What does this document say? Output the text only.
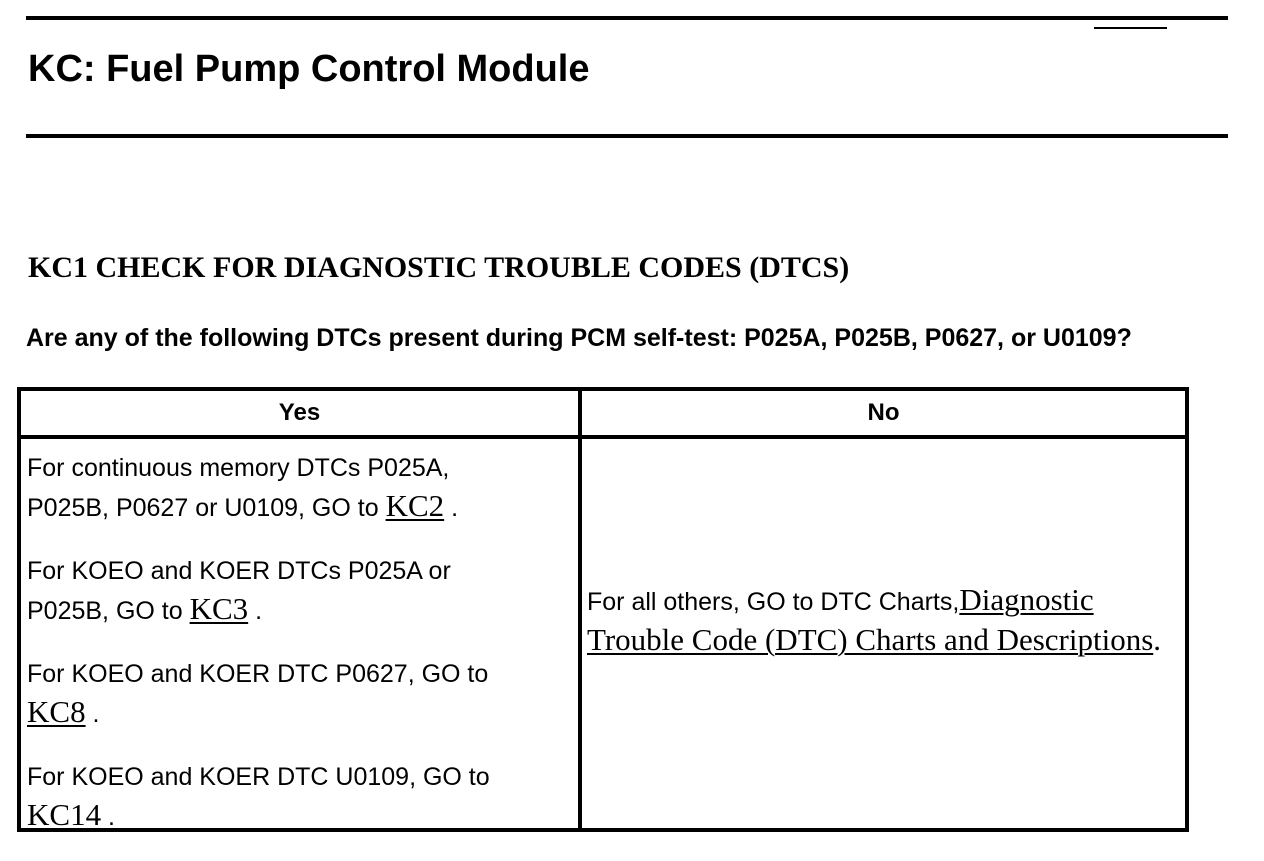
KC: Fuel Pump Control Module
KC1 CHECK FOR DIAGNOSTIC TROUBLE CODES (DTCS)

Are any of the following DTCs present during PCM self-test: P025A, P025B, P0627, or U0109?

Yes	No

For continuous memory DTCs P025A,
P025B, P0627 or U0109, GO to KC2 .

For KOEO and KOER DTCs P025A or
P025B, GO to KC3 .

For KOEO and KOER DTC P0627, GO to
KC8 .

For KOEO and KOER DTC U0109, GO to
KC14 .

For all others, GO to DTC Charts,Diagnostic Trouble Code (DTC) Charts and Descriptions.
